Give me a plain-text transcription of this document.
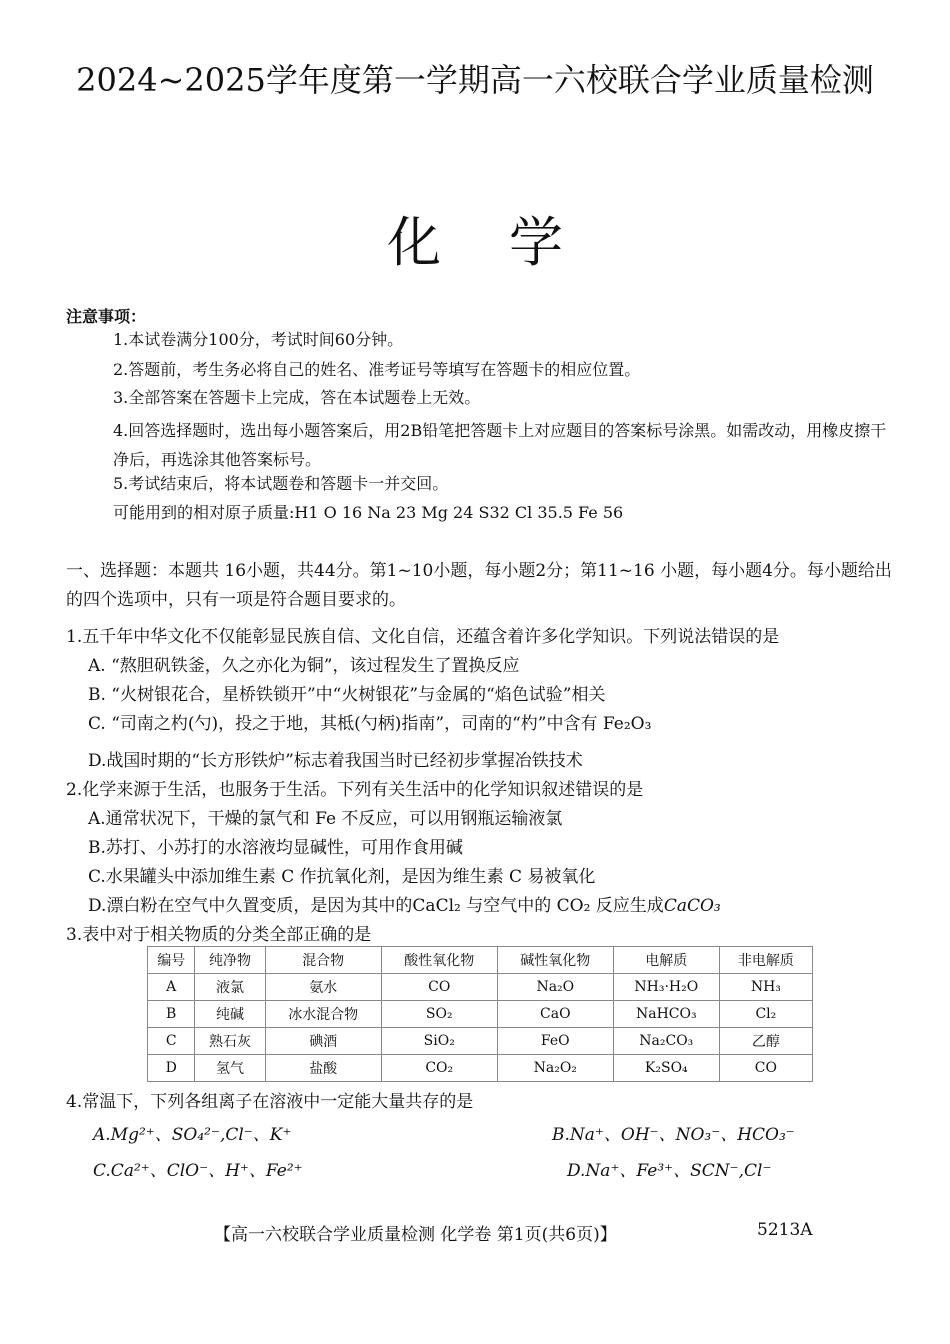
2024~2025学年度第一学期高一六校联合学业质量检测
化学
注意事项：
1.本试卷满分100分，考试时间60分钟。
2.答题前，考生务必将自己的姓名、准考证号等填写在答题卡的相应位置。
3.全部答案在答题卡上完成，答在本试题卷上无效。
4.回答选择题时，选出每小题答案后，用2B铅笔把答题卡上对应题目的答案标号涂黑。如需改动，用橡皮擦干净后，再选涂其他答案标号。
5.考试结束后，将本试题卷和答题卡一并交回。
可能用到的相对原子质量:H1 O 16 Na 23 Mg 24 S32 Cl 35.5 Fe 56
一、选择题：本题共 16小题，共44分。第1~10小题，每小题2分；第11~16 小题，每小题4分。每小题给出的四个选项中，只有一项是符合题目要求的。
1.五千年中华文化不仅能彰显民族自信、文化自信，还蕴含着许多化学知识。下列说法错误的是
A. “熬胆矾铁釜，久之亦化为铜”，该过程发生了置换反应
B. “火树银花合，星桥铁锁开”中“火树银花”与金属的“焰色试验”相关
C. “司南之杓(勺)，投之于地，其柢(勺柄)指南”，司南的“杓”中含有 Fe₂O₃
D.战国时期的“长方形铁炉”标志着我国当时已经初步掌握冶铁技术
2.化学来源于生活，也服务于生活。下列有关生活中的化学知识叙述错误的是
A.通常状况下，干燥的氯气和 Fe 不反应，可以用钢瓶运输液氯
B.苏打、小苏打的水溶液均显碱性，可用作食用碱
C.水果罐头中添加维生素 C 作抗氧化剂，是因为维生素 C 易被氧化
D.漂白粉在空气中久置变质，是因为其中的CaCl₂ 与空气中的 CO₂ 反应生成CaCO₃
3.表中对于相关物质的分类全部正确的是
编号	纯净物	混合物	酸性氧化物	碱性氧化物	电解质	非电解质
A	液氯	氨水	CO	Na₂O	NH₃·H₂O	NH₃
B	纯碱	冰水混合物	SO₂	CaO	NaHCO₃	Cl₂
C	熟石灰	碘酒	SiO₂	FeO	Na₂CO₃	乙醇
D	氢气	盐酸	CO₂	Na₂O₂	K₂SO₄	CO
4.常温下，下列各组离子在溶液中一定能大量共存的是
A.Mg²⁺、SO₄²⁻,Cl⁻、K⁺	B.Na⁺、OH⁻、NO₃⁻、HCO₃⁻
C.Ca²⁺、ClO⁻、H⁺、Fe²⁺	D.Na⁺、Fe³⁺、SCN⁻,Cl⁻
【高一六校联合学业质量检测 化学卷 第1页(共6页)】	5213A
